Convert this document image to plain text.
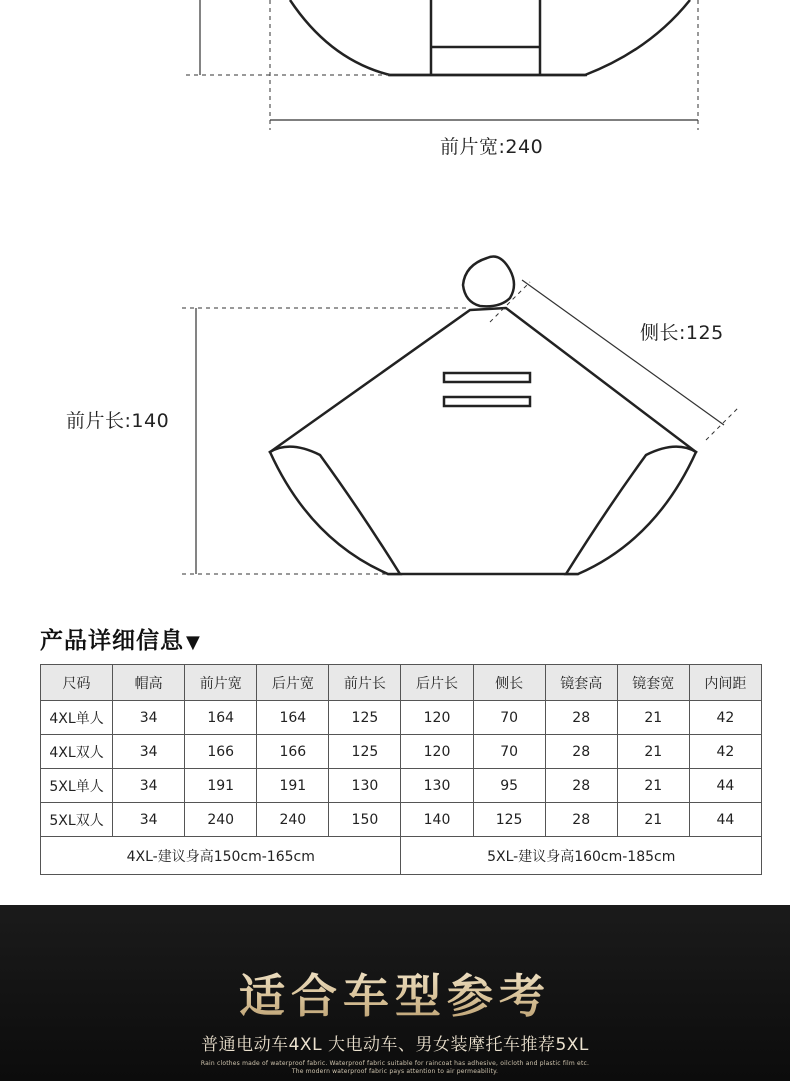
前片宽:240
前片长:140
侧长:125
产品详细信息 ▼
尺码	帽高	前片宽	后片宽	前片长	后片长	侧长	镜套高	镜套宽	内间距
4XL单人	34	164	164	125	120	70	28	21	42
4XL双人	34	166	166	125	120	70	28	21	42
5XL单人	34	191	191	130	130	95	28	21	44
5XL双人	34	240	240	150	140	125	28	21	44
4XL-建议身高150cm-165cm					5XL-建议身高160cm-185cm				
适合车型参考
普通电动车4XL 大电动车、男女装摩托车推荐5XL
Rain clothes made of waterproof fabric. Waterproof fabric suitable for raincoat has adhesive, oilcloth and plastic film etc.
The modern waterproof fabric pays attention to air permeability.
